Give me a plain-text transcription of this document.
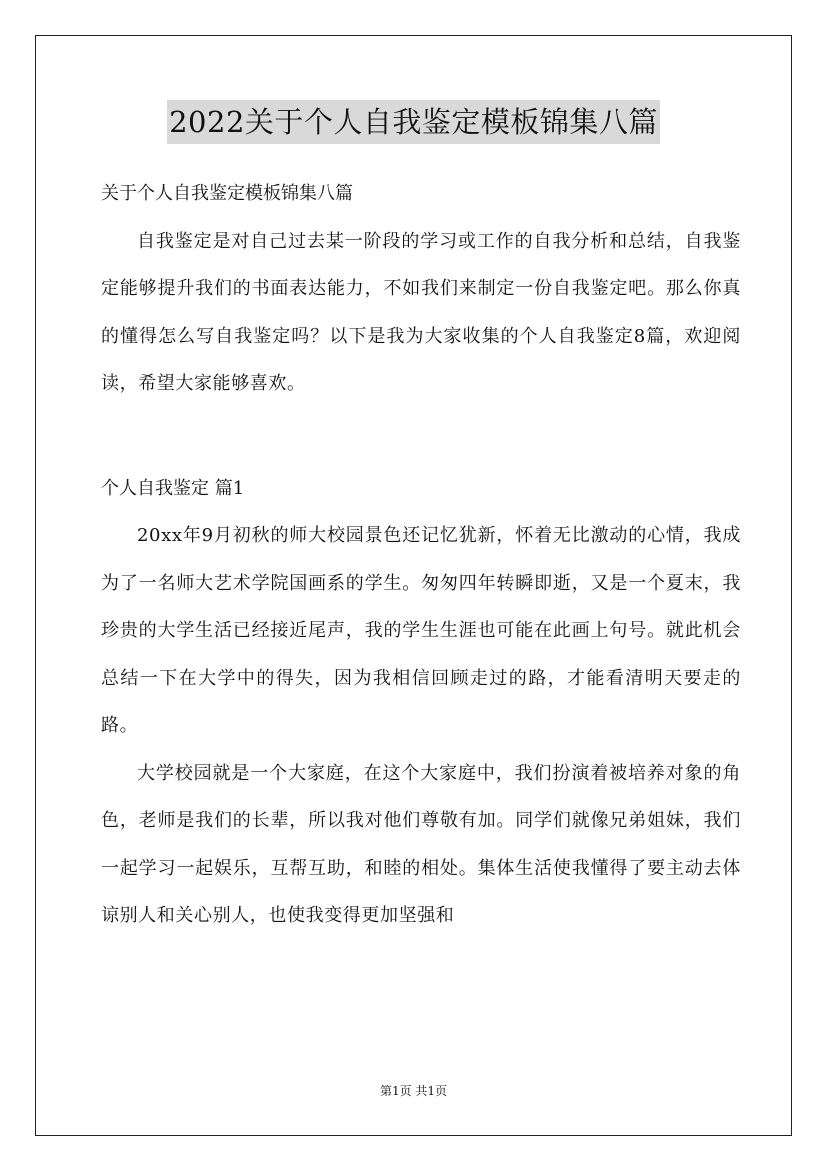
2022关于个人自我鉴定模板锦集八篇

关于个人自我鉴定模板锦集八篇

自我鉴定是对自己过去某一阶段的学习或工作的自我分析和总结，自我鉴定能够提升我们的书面表达能力，不如我们来制定一份自我鉴定吧。那么你真的懂得怎么写自我鉴定吗？以下是我为大家收集的个人自我鉴定8篇，欢迎阅读，希望大家能够喜欢。

个人自我鉴定 篇1

20xx年9月初秋的师大校园景色还记忆犹新，怀着无比激动的心情，我成为了一名师大艺术学院国画系的学生。匆匆四年转瞬即逝，又是一个夏末，我珍贵的大学生活已经接近尾声，我的学生生涯也可能在此画上句号。就此机会总结一下在大学中的得失，因为我相信回顾走过的路，才能看清明天要走的路。

大学校园就是一个大家庭，在这个大家庭中，我们扮演着被培养对象的角色，老师是我们的长辈，所以我对他们尊敬有加。同学们就像兄弟姐妹，我们一起学习一起娱乐，互帮互助，和睦的相处。集体生活使我懂得了要主动去体谅别人和关心别人，也使我变得更加坚强和

第1页 共1页
